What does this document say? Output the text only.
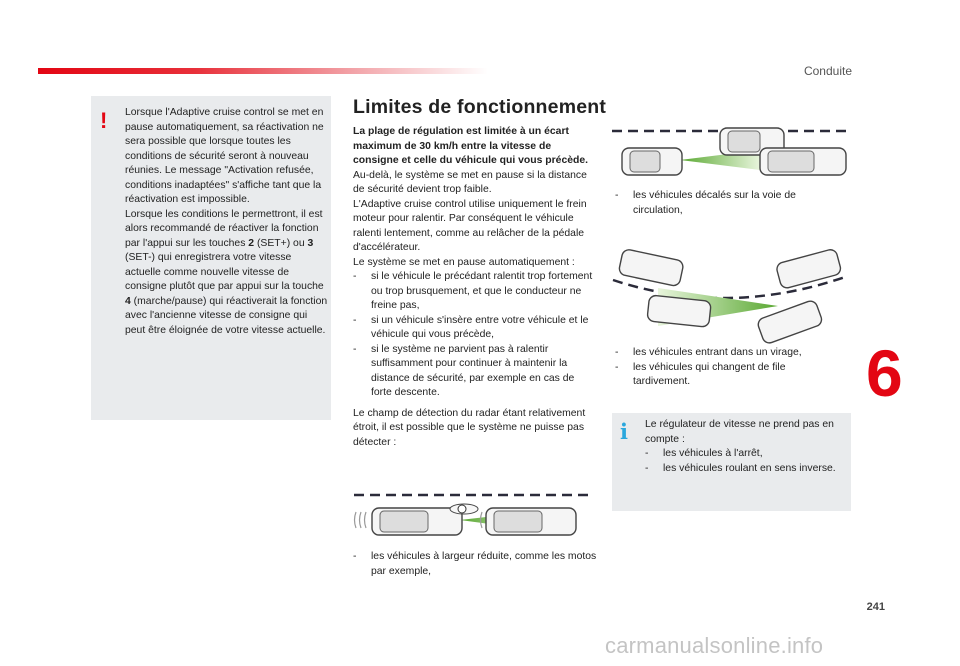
Conduite
! Lorsque l'Adaptive cruise control se met en pause automatiquement, sa réactivation ne sera possible que lorsque toutes les conditions de sécurité seront à nouveau réunies. Le message "Activation refusée, conditions inadaptées" s'affiche tant que la réactivation est impossible.

Lorsque les conditions le permettront, il est alors recommandé de réactiver la fonction par l'appui sur les touches 2 (SET+) ou 3 (SET-) qui enregistrera votre vitesse actuelle comme nouvelle vitesse de consigne plutôt que par appui sur la touche 4 (marche/pause) qui réactiverait la fonction avec l'ancienne vitesse de consigne qui peut être éloignée de votre vitesse actuelle.

Limites de fonctionnement

La plage de régulation est limitée à un écart maximum de 30 km/h entre la vitesse de consigne et celle du véhicule qui vous précède.

Au-delà, le système se met en pause si la distance de sécurité devient trop faible.

L'Adaptive cruise control utilise uniquement le frein moteur pour ralentir. Par conséquent le véhicule ralenti lentement, comme au relâcher de la pédale d'accélérateur.

Le système se met en pause automatiquement :

- si le véhicule le précédant ralentit trop fortement ou trop brusquement, et que le conducteur ne freine pas,

- si un véhicule s'insère entre votre véhicule et le véhicule qui vous précède,

- si le système ne parvient pas à ralentir suffisamment pour continuer à maintenir la distance de sécurité, par exemple en cas de forte descente.

Le champ de détection du radar étant relativement étroit, il est possible que le système ne puisse pas détecter :

- les véhicules à largeur réduite, comme les motos par exemple,
- les véhicules décalés sur la voie de circulation,
- les véhicules entrant dans un virage,
- les véhicules qui changent de file tardivement.
i Le régulateur de vitesse ne prend pas en compte :

- les véhicules à l'arrêt,

- les véhicules roulant en sens inverse.

6
241
carmanualsonline.info
